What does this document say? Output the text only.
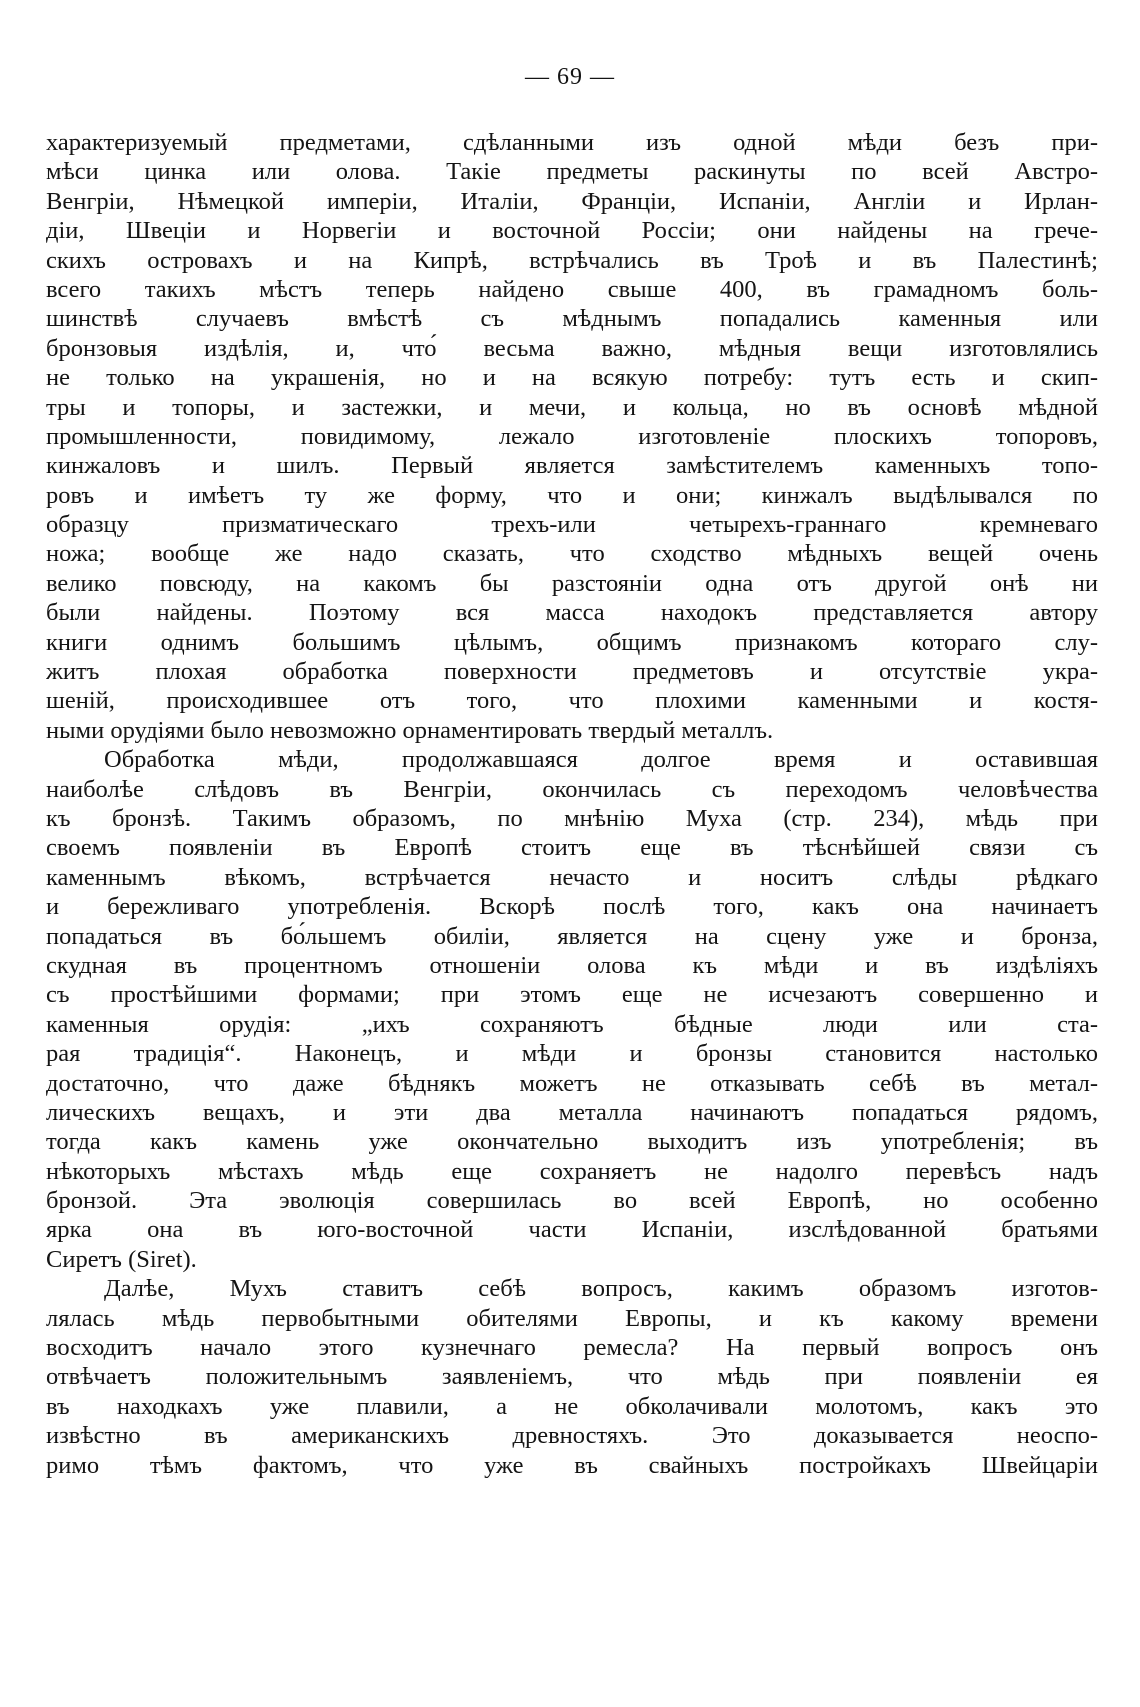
— 69 —
характеризуемый предметами, сдѣланными изъ одной мѣди безъ при-
мѣси цинка или олова. Такіе предметы раскинуты по всей Австро-
Венгріи, Нѣмецкой имперіи, Италіи, Франціи, Испаніи, Англіи и Ирлан-
діи, Швеціи и Норвегіи и восточной Россіи; они найдены на грече-
скихъ островахъ и на Кипрѣ, встрѣчались въ Троѣ и въ Палестинѣ;
всего такихъ мѣстъ теперь найдено свыше 400, въ грамадномъ боль-
шинствѣ случаевъ вмѣстѣ съ мѣднымъ попадались каменныя или
бронзовыя издѣлія, и, что́ весьма важно, мѣдныя вещи изготовлялись
не только на украшенія, но и на всякую потребу: тутъ есть и скип-
тры и топоры, и застежки, и мечи, и кольца, но въ основѣ мѣдной
промышленности, повидимому, лежало изготовленіе плоскихъ топоровъ,
кинжаловъ и шилъ. Первый является замѣстителемъ каменныхъ топо-
ровъ и имѣетъ ту же форму, что и они; кинжалъ выдѣлывался по
образцу призматическаго трехъ-или четырехъ-граннаго кремневаго
ножа; вообще же надо сказать, что сходство мѣдныхъ вещей очень
велико повсюду, на какомъ бы разстояніи одна отъ другой онѣ ни
были найдены. Поэтому вся масса находокъ представляется автору
книги однимъ большимъ цѣлымъ, общимъ признакомъ котораго слу-
житъ плохая обработка поверхности предметовъ и отсутствіе укра-
шеній, происходившее отъ того, что плохими каменными и костя-
ными орудіями было невозможно орнаментировать твердый металлъ.
Обработка мѣди, продолжавшаяся долгое время и оставившая
наиболѣе слѣдовъ въ Венгріи, окончилась съ переходомъ человѣчества
къ бронзѣ. Такимъ образомъ, по мнѣнію Муха (стр. 234), мѣдь при
своемъ появленіи въ Европѣ стоитъ еще въ тѣснѣйшей связи съ
каменнымъ вѣкомъ, встрѣчается нечасто и носитъ слѣды рѣдкаго
и бережливаго употребленія. Вскорѣ послѣ того, какъ она начинаетъ
попадаться въ бо́льшемъ обиліи, является на сцену уже и бронза,
скудная въ процентномъ отношеніи олова къ мѣди и въ издѣліяхъ
съ простѣйшими формами; при этомъ еще не исчезаютъ совершенно и
каменныя орудія: „ихъ сохраняютъ бѣдные люди или ста-
рая традиція“. Наконецъ, и мѣди и бронзы становится настолько
достаточно, что даже бѣднякъ можетъ не отказывать себѣ въ метал-
лическихъ вещахъ, и эти два металла начинаютъ попадаться рядомъ,
тогда какъ камень уже окончательно выходитъ изъ употребленія; въ
нѣкоторыхъ мѣстахъ мѣдь еще сохраняетъ не надолго перевѣсъ надъ
бронзой. Эта эволюція совершилась во всей Европѣ, но особенно
ярка она въ юго-восточной части Испаніи, изслѣдованной братьями
Сиретъ (Siret).
Далѣе, Мухъ ставитъ себѣ вопросъ, какимъ образомъ изготов-
лялась мѣдь первобытными обителями Европы, и къ какому времени
восходитъ начало этого кузнечнаго ремесла? На первый вопросъ онъ
отвѣчаетъ положительнымъ заявленіемъ, что мѣдь при появленіи ея
въ находкахъ уже плавили, а не обколачивали молотомъ, какъ это
извѣстно въ американскихъ древностяхъ. Это доказывается неоспо-
римо тѣмъ фактомъ, что уже въ свайныхъ постройкахъ Швейцаріи
